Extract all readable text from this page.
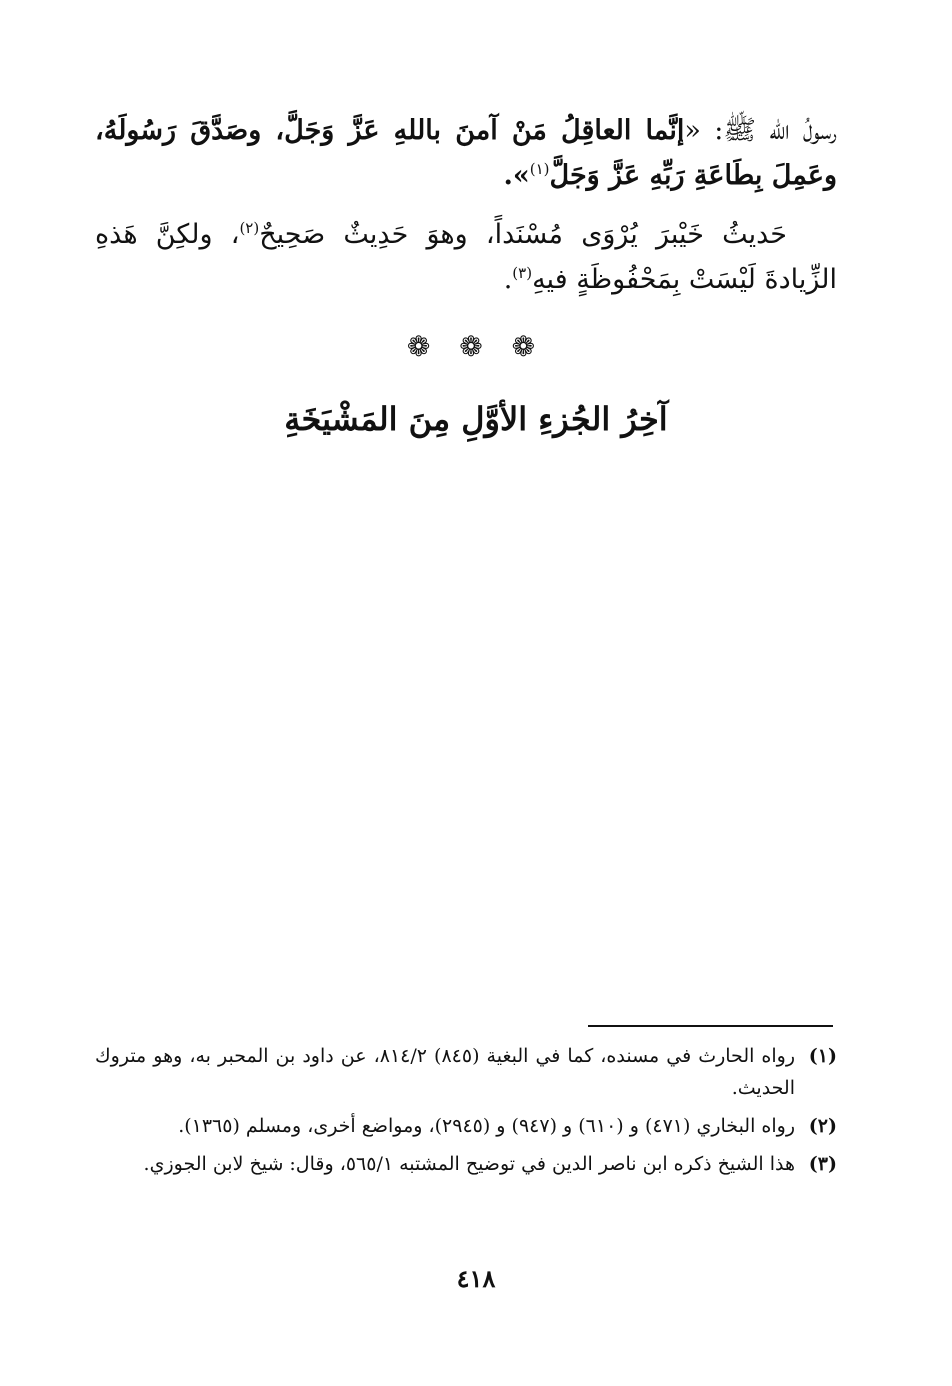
رسولُ الله ﷺ: «إنَّما العاقِلُ مَنْ آمنَ باللهِ عَزَّ وَجَلَّ، وصَدَّقَ رَسُولَهُ، وعَمِلَ بِطَاعَةِ رَبِّهِ عَزَّ وَجَلَّ$^{(١)}$».

حَديثُ خَيْبرَ يُرْوَى مُسْنَداً، وهوَ حَدِيثٌ صَحِيحٌ$^{(٢)}$، ولكِنَّ هَذهِ الزِّيادةَ لَيْسَتْ بِمَحْفُوظَةٍ فيهِ$^{(٣)}$.

❁ ❁ ❁
آخِرُ الجُزءِ الأوَّلِ مِنَ المَشْيَخَةِ
(١)
رواه الحارث في مسنده، كما في البغية (٨٤٥) ٨١٤/٢، عن داود بن المحبر به، وهو متروك الحديث.
(٢)
رواه البخاري (٤٧١) و (٦١٠) و (٩٤٧) و (٢٩٤٥)، ومواضع أخرى، ومسلم (١٣٦٥).
(٣)
هذا الشيخ ذكره ابن ناصر الدين في توضيح المشتبه ٥٦٥/١، وقال: شيخ لابن الجوزي.
٤١٨
